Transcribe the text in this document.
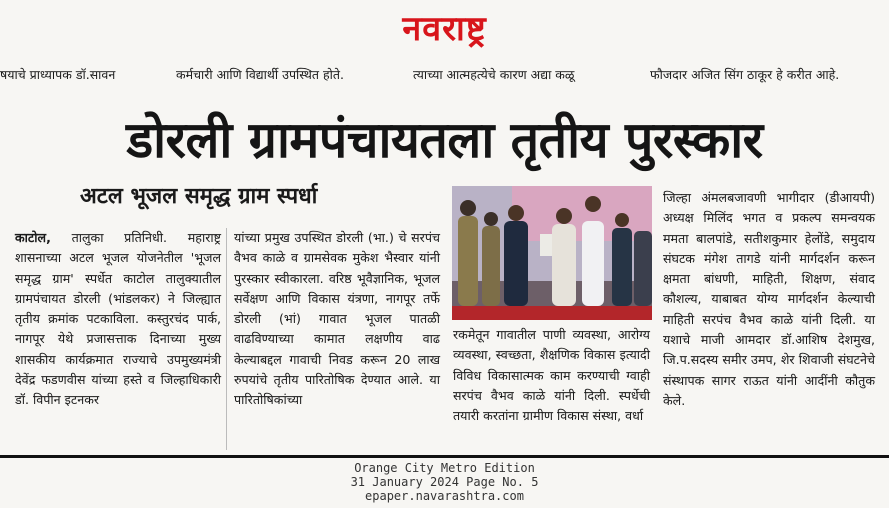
नवराष्ट्र
षयाचे प्राध्यापक डॉ.सावन	कर्मचारी आणि विद्यार्थी उपस्थित होते.	त्याच्या आत्महत्येचे कारण अद्या कळू	फौजदार अजित सिंग ठाकूर हे करीत आहे.
डोरली ग्रामपंचायतला तृतीय पुरस्कार
अटल भूजल समृद्ध ग्राम स्पर्धा
काटोल, तालुका प्रतिनिधी. महाराष्ट्र शासनाच्या अटल भूजल योजनेतील 'भूजल समृद्ध ग्राम' स्पर्धेत काटोल तालुक्यातील ग्रामपंचायत डोरली (भांडलकर) ने जिल्ह्यात तृतीय क्रमांक पटकाविला. कस्तुरचंद पार्क, नागपूर येथे प्रजासत्ताक दिनाच्या मुख्य शासकीय कार्यक्रमात राज्याचे उपमुख्यमंत्री देवेंद्र फडणवीस यांच्या हस्ते व जिल्हाधिकारी डॉ. विपीन इटनकर
यांच्या प्रमुख उपस्थित डोरली (भा.) चे सरपंच वैभव काळे व ग्रामसेवक मुकेश भैस्वार यांनी पुरस्कार स्वीकारला. वरिष्ठ भूवैज्ञानिक, भूजल सर्वेक्षण आणि विकास यंत्रणा, नागपूर तर्फे डोरली (भां) गावात भूजल पातळी वाढविण्याच्या कामात लक्षणीय वाढ केल्याबद्दल गावाची निवड करून 20 लाख रुपयांचे तृतीय पारितोषिक देण्यात आले. या पारितोषिकांच्या
रकमेतून गावातील पाणी व्यवस्था, आरोग्य व्यवस्था, स्वच्छता, शैक्षणिक विकास इत्यादी विविध विकासात्मक काम करण्याची ग्वाही सरपंच वैभव काळे यांनी दिली. स्पर्धेची तयारी करतांना ग्रामीण विकास संस्था, वर्धा
जिल्हा अंमलबजावणी भागीदार (डीआयपी) अध्यक्ष मिलिंद भगत व प्रकल्प समन्वयक ममता बालपांडे, सतीशकुमार हेलोंडे, समुदाय संघटक मंगेश तागडे यांनी मार्गदर्शन करून क्षमता बांधणी, माहिती, शिक्षण, संवाद कौशल्य, याबाबत योग्य मार्गदर्शन केल्याची माहिती सरपंच वैभव काळे यांनी दिली. या यशाचे माजी आमदार डॉ.आशिष देशमुख, जि.प.सदस्य समीर उमप, शेर शिवाजी संघटनेचे संस्थापक सागर राऊत यांनी आदींनी कौतुक केले.
Orange City Metro Edition
31 January 2024 Page No. 5
epaper.navarashtra.com
